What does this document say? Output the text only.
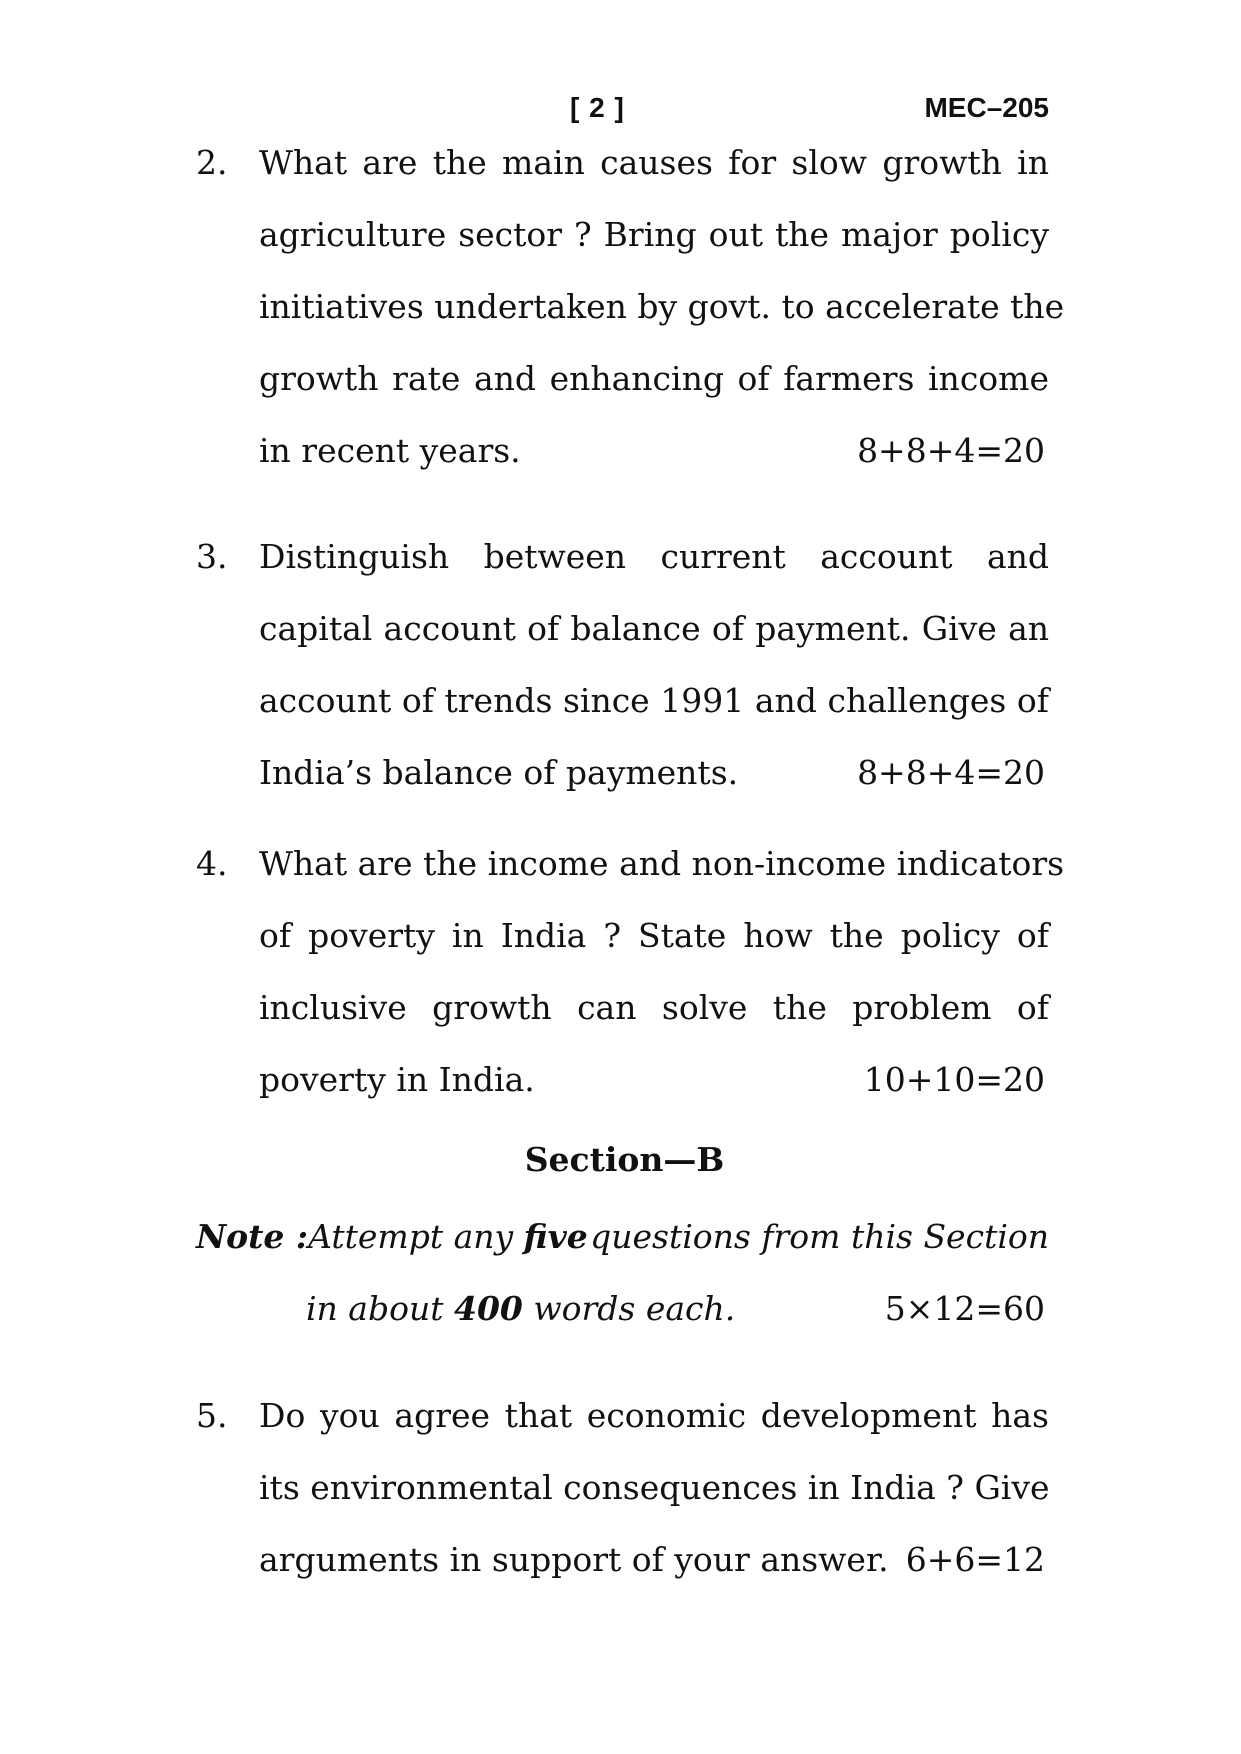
[ 2 ]	MEC–205
2. What are the main causes for slow growth in
agriculture sector ? Bring out the major policy
initiatives undertaken by govt. to accelerate the
growth rate and enhancing of farmers income
in recent years.	8+8+4=20
3. Distinguish between current account and
capital account of balance of payment. Give an
account of trends since 1991 and challenges of
India’s balance of payments.	8+8+4=20
4. What are the income and non-income indicators
of poverty in India ? State how the policy of
inclusive growth can solve the problem of
poverty in India.	10+10=20
Section—B
Note :Attempt any five questions from this Section
in about 400 words each.	5×12=60
5. Do you agree that economic development has
its environmental consequences in India ? Give
arguments in support of your answer. 6+6=12
